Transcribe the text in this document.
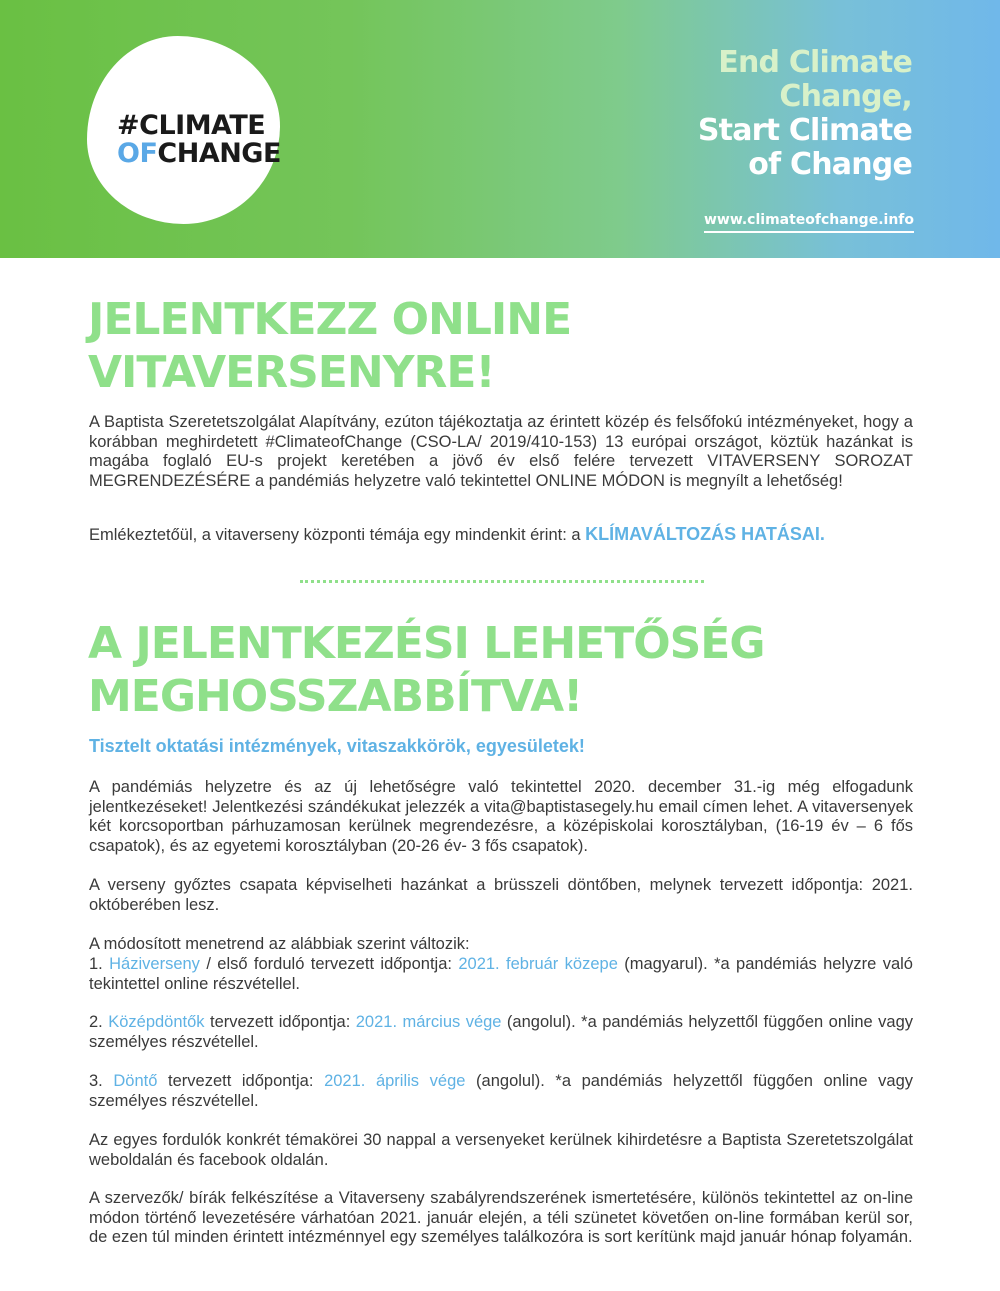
#CLIMATE
OFCHANGE
End Climate
Change,
Start Climate
of Change
www.climateofchange.info
JELENTKEZZ ONLINE
VITAVERSENYRE!
A Baptista Szeretetszolgálat Alapítvány, ezúton tájékoztatja az érintett közép és felsőfokú intézményeket, hogy a korábban meghirdetett #ClimateofChange (CSO-LA/ 2019/410-153) 13 európai országot, köztük hazánkat is magába foglaló EU-s projekt keretében a jövő év első felére tervezett VITAVERSENY SOROZAT MEGRENDEZÉSÉRE a pandémiás helyzetre való tekintettel ONLINE MÓDON is megnyílt a lehetőség!
Emlékeztetőül, a vitaverseny központi témája egy mindenkit érint: a KLÍMAVÁLTOZÁS HATÁSAI.
A JELENTKEZÉSI LEHETŐSÉG
MEGHOSSZABBÍTVA!
Tisztelt oktatási intézmények, vitaszakkörök, egyesületek!
A pandémiás helyzetre és az új lehetőségre való tekintettel 2020. december 31.-ig még elfogadunk jelentkezéseket! Jelentkezési szándékukat jelezzék a vita@baptistasegely.hu email címen lehet. A vitaversenyek két korcsoportban párhuzamosan kerülnek megrendezésre, a középiskolai korosztályban, (16-19 év – 6 fős csapatok), és az egyetemi korosztályban (20-26 év- 3 fős csapatok).
A verseny győztes csapata képviselheti hazánkat a brüsszeli döntőben, melynek tervezett időpontja: 2021. októberében lesz.
A módosított menetrend az alábbiak szerint változik:
1. Háziverseny / első forduló tervezett időpontja: 2021. február közepe (magyarul). *a pandémiás helyzre való tekintettel online részvétellel.
2. Középdöntők tervezett időpontja: 2021. március vége (angolul). *a pandémiás helyzettől függően online vagy személyes részvétellel.
3. Döntő tervezett időpontja: 2021. április vége (angolul). *a pandémiás helyzettől függően online vagy személyes részvétellel.
Az egyes fordulók konkrét témakörei 30 nappal a versenyeket kerülnek kihirdetésre a Baptista Szeretetszolgálat weboldalán és facebook oldalán.
A szervezők/ bírák felkészítése a Vitaverseny szabályrendszerének ismertetésére, különös tekintettel az on-line módon történő levezetésére várhatóan 2021. január elején, a téli szünetet követően on-line formában kerül sor, de ezen túl minden érintett intézménnyel egy személyes találkozóra is sort kerítünk majd január hónap folyamán.
